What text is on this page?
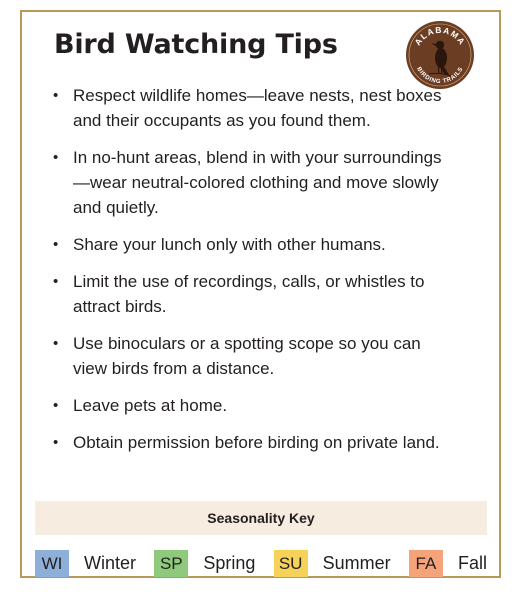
Bird Watching Tips	ALABAMA
BIRDING TRAILS
• Respect wildlife homes—leave nests, nest boxes and their occupants as you found them.
• In no-hunt areas, blend in with your surroundings—wear neutral-colored clothing and move slowly and quietly.
• Share your lunch only with other humans.
• Limit the use of recordings, calls, or whistles to attract birds.
• Use binoculars or a spotting scope so you can view birds from a distance.
• Leave pets at home.
• Obtain permission before birding on private land.
Seasonality Key
WI	Winter	SP	Spring	SU Summer	FA	Fall
